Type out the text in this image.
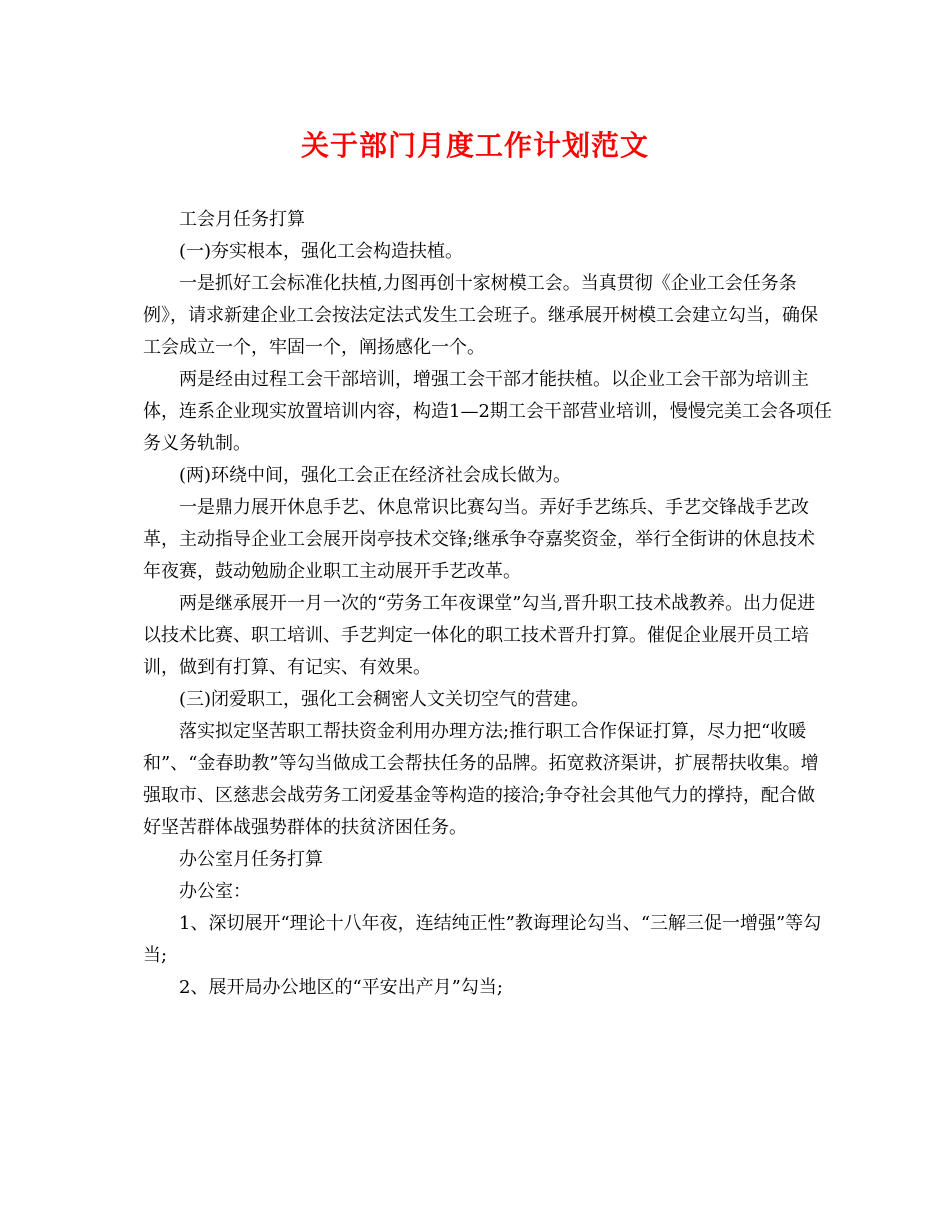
关于部门月度工作计划范文

工会月任务打算

(一)夯实根本，强化工会构造扶植。

一是抓好工会标准化扶植,力图再创十家树模工会。当真贯彻《企业工会任务条例》，请求新建企业工会按法定法式发生工会班子。继承展开树模工会建立勾当，确保工会成立一个，牢固一个，阐扬感化一个。

两是经由过程工会干部培训，增强工会干部才能扶植。以企业工会干部为培训主体，连系企业现实放置培训内容，构造1—2期工会干部营业培训，慢慢完美工会各项任务义务轨制。

(两)环绕中间，强化工会正在经济社会成长做为。

一是鼎力展开休息手艺、休息常识比赛勾当。弄好手艺练兵、手艺交锋战手艺改革，主动指导企业工会展开岗亭技术交锋;继承争夺嘉奖资金，举行全街讲的休息技术年夜赛，鼓动勉励企业职工主动展开手艺改革。

两是继承展开一月一次的“劳务工年夜课堂”勾当,晋升职工技术战教养。出力促进以技术比赛、职工培训、手艺判定一体化的职工技术晋升打算。催促企业展开员工培训，做到有打算、有记实、有效果。

(三)闭爱职工，强化工会稠密人文关切空气的营建。

落实拟定坚苦职工帮扶资金利用办理方法;推行职工合作保证打算，尽力把“收暖和”、“金春助教”等勾当做成工会帮扶任务的品牌。拓宽救济渠讲，扩展帮扶收集。增强取市、区慈悲会战劳务工闭爱基金等构造的接洽;争夺社会其他气力的撑持，配合做好坚苦群体战强势群体的扶贫济困任务。

办公室月任务打算

办公室：

1、深切展开“理论十八年夜，连结纯正性”教诲理论勾当、“三解三促一增强”等勾当;

2、展开局办公地区的“平安出产月”勾当;
